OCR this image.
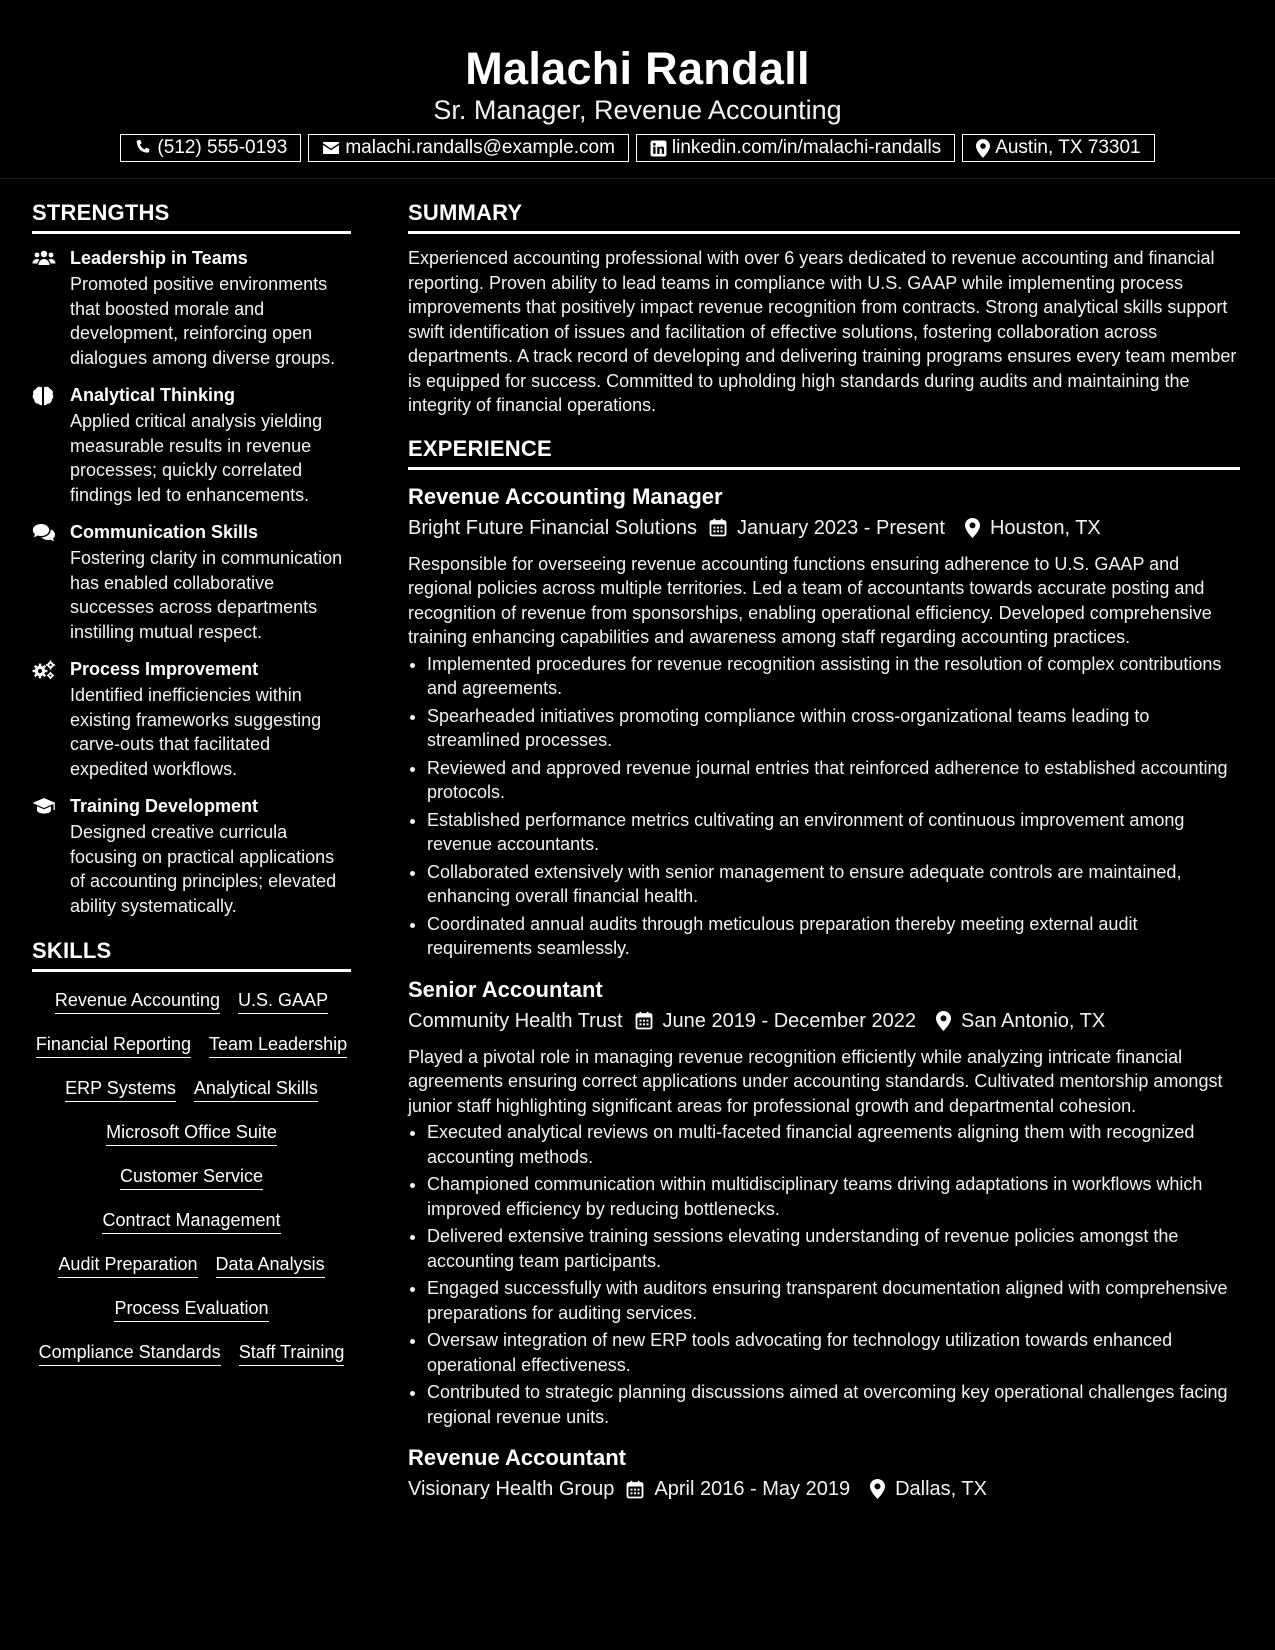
Malachi Randall
Sr. Manager, Revenue Accounting
(512) 555-0193	malachi.randalls@example.com	linkedin.com/in/malachi-randalls	Austin, TX 73301
STRENGTHS
Leadership in Teams
Promoted positive environments that boosted morale and development, reinforcing open dialogues among diverse groups.
Analytical Thinking
Applied critical analysis yielding measurable results in revenue processes; quickly correlated findings led to enhancements.
Communication Skills
Fostering clarity in communication has enabled collaborative successes across departments instilling mutual respect.
Process Improvement
Identified inefficiencies within existing frameworks suggesting carve-outs that facilitated expedited workflows.
Training Development
Designed creative curricula focusing on practical applications of accounting principles; elevated ability systematically.
SKILLS
Revenue Accounting U.S. GAAP
Financial Reporting Team Leadership
ERP Systems Analytical Skills
Microsoft Office Suite
Customer Service
Contract Management
Audit Preparation Data Analysis
Process Evaluation
Compliance Standards Staff Training
SUMMARY
Experienced accounting professional with over 6 years dedicated to revenue accounting and financial reporting. Proven ability to lead teams in compliance with U.S. GAAP while implementing process improvements that positively impact revenue recognition from contracts. Strong analytical skills support swift identification of issues and facilitation of effective solutions, fostering collaboration across departments. A track record of developing and delivering training programs ensures every team member is equipped for success. Committed to upholding high standards during audits and maintaining the integrity of financial operations.
EXPERIENCE
Revenue Accounting Manager
Bright Future Financial Solutions January 2023 - Present Houston, TX
Responsible for overseeing revenue accounting functions ensuring adherence to U.S. GAAP and regional policies across multiple territories. Led a team of accountants towards accurate posting and recognition of revenue from sponsorships, enabling operational efficiency. Developed comprehensive training enhancing capabilities and awareness among staff regarding accounting practices.
• Implemented procedures for revenue recognition assisting in the resolution of complex contributions and agreements.
• Spearheaded initiatives promoting compliance within cross-organizational teams leading to streamlined processes.
• Reviewed and approved revenue journal entries that reinforced adherence to established accounting protocols.
• Established performance metrics cultivating an environment of continuous improvement among revenue accountants.
• Collaborated extensively with senior management to ensure adequate controls are maintained, enhancing overall financial health.
• Coordinated annual audits through meticulous preparation thereby meeting external audit requirements seamlessly.
Senior Accountant
Community Health Trust June 2019 - December 2022 San Antonio, TX
Played a pivotal role in managing revenue recognition efficiently while analyzing intricate financial agreements ensuring correct applications under accounting standards. Cultivated mentorship amongst junior staff highlighting significant areas for professional growth and departmental cohesion.
• Executed analytical reviews on multi-faceted financial agreements aligning them with recognized accounting methods.
• Championed communication within multidisciplinary teams driving adaptations in workflows which improved efficiency by reducing bottlenecks.
• Delivered extensive training sessions elevating understanding of revenue policies amongst the accounting team participants.
• Engaged successfully with auditors ensuring transparent documentation aligned with comprehensive preparations for auditing services.
• Oversaw integration of new ERP tools advocating for technology utilization towards enhanced operational effectiveness.
• Contributed to strategic planning discussions aimed at overcoming key operational challenges facing regional revenue units.
Revenue Accountant
Visionary Health Group April 2016 - May 2019 Dallas, TX
